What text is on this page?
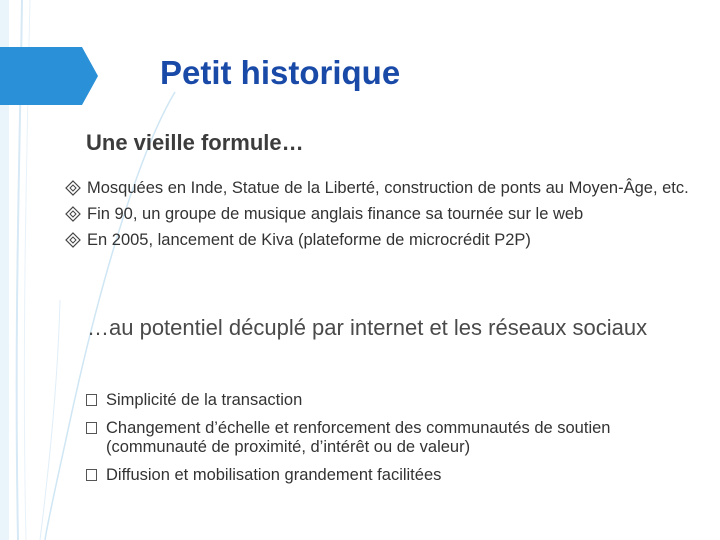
Petit historique
Une vieille formule…
Mosquées en Inde, Statue de la Liberté, construction de ponts au Moyen-Âge, etc.
Fin 90, un groupe de musique anglais finance sa tournée sur le web
En 2005, lancement de Kiva (plateforme de microcrédit P2P)

…au potentiel décuplé par internet et les réseaux sociaux

Simplicité de la transaction
Changement d’échelle et renforcement des communautés de soutien (communauté de proximité, d’intérêt ou de valeur)
Diffusion et mobilisation grandement facilitées
